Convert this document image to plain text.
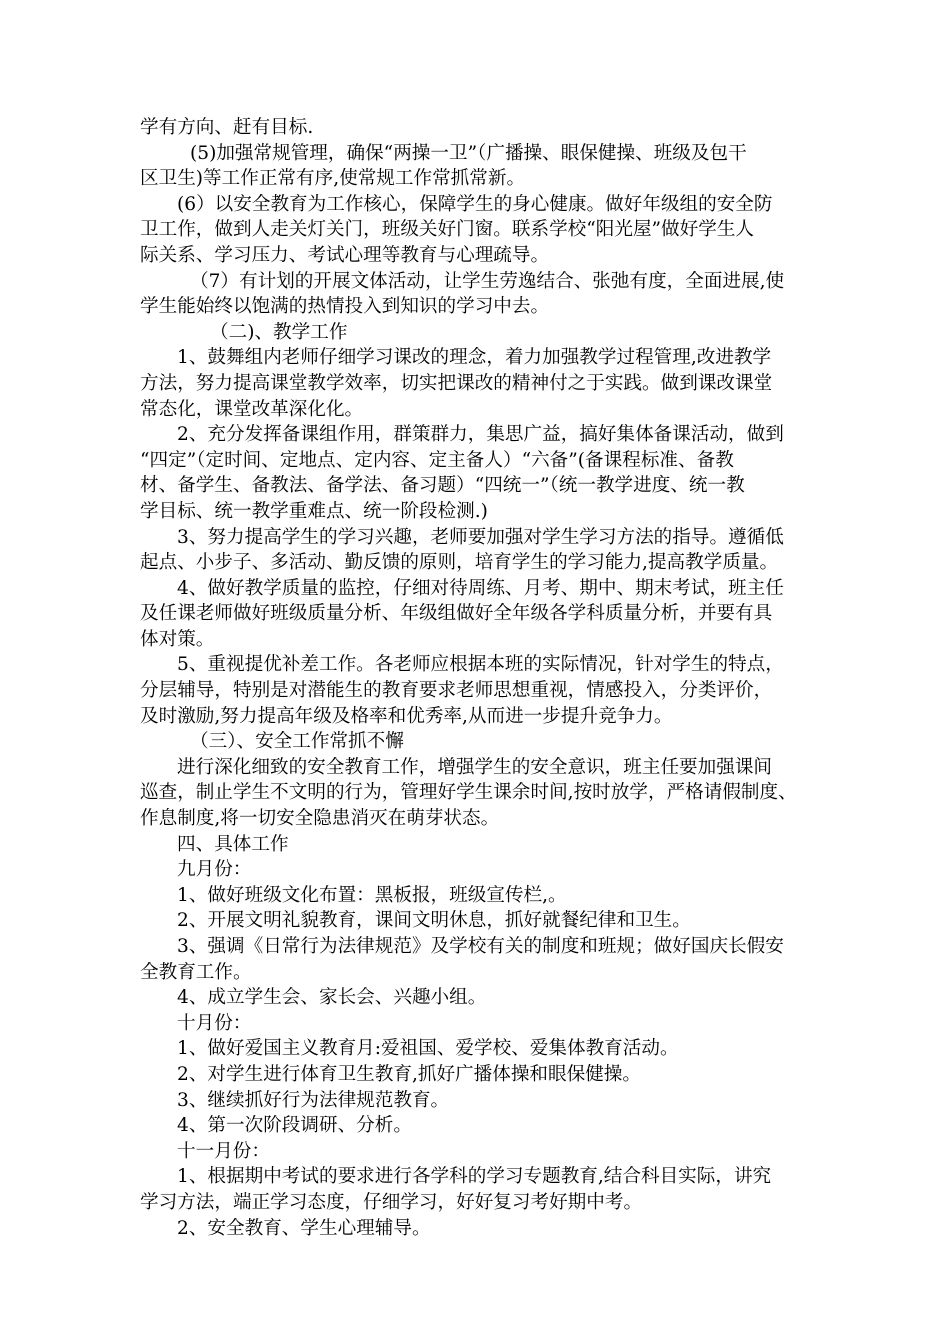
学有方向、赶有目标.
(5)加强常规管理，确保“两操一卫”（广播操、眼保健操、班级及包干
区卫生)等工作正常有序,使常规工作常抓常新。
(6）以安全教育为工作核心，保障学生的身心健康。做好年级组的安全防
卫工作，做到人走关灯关门，班级关好门窗。联系学校“阳光屋”做好学生人
际关系、学习压力、考试心理等教育与心理疏导。
（7）有计划的开展文体活动，让学生劳逸结合、张弛有度，全面进展,使
学生能始终以饱满的热情投入到知识的学习中去。
（二)、教学工作
1、鼓舞组内老师仔细学习课改的理念，着力加强教学过程管理,改进教学
方法，努力提高课堂教学效率，切实把课改的精神付之于实践。做到课改课堂
常态化，课堂改革深化化。
2、充分发挥备课组作用，群策群力，集思广益，搞好集体备课活动，做到
“四定”（定时间、定地点、定内容、定主备人）“六备”(备课程标准、备教
材、备学生、备教法、备学法、备习题）“四统一”（统一教学进度、统一教
学目标、统一教学重难点、统一阶段检测.)
3、努力提高学生的学习兴趣，老师要加强对学生学习方法的指导。遵循低
起点、小步子、多活动、勤反馈的原则，培育学生的学习能力,提高教学质量。
4、做好教学质量的监控，仔细对待周练、月考、期中、期末考试，班主任
及任课老师做好班级质量分析、年级组做好全年级各学科质量分析，并要有具
体对策。
5、重视提优补差工作。各老师应根据本班的实际情况，针对学生的特点，
分层辅导，特别是对潜能生的教育要求老师思想重视，情感投入，分类评价，
及时激励,努力提高年级及格率和优秀率,从而进一步提升竞争力。
（三）、安全工作常抓不懈
进行深化细致的安全教育工作，增强学生的安全意识，班主任要加强课间
巡查，制止学生不文明的行为，管理好学生课余时间,按时放学，严格请假制度、
作息制度,将一切安全隐患消灭在萌芽状态。
四、具体工作
九月份：
1、做好班级文化布置：黑板报，班级宣传栏,。
2、开展文明礼貌教育，课间文明休息，抓好就餐纪律和卫生。
3、强调《日常行为法律规范》及学校有关的制度和班规；做好国庆长假安
全教育工作。
4、成立学生会、家长会、兴趣小组。
十月份：
1、做好爱国主义教育月:爱祖国、爱学校、爱集体教育活动。
2、对学生进行体育卫生教育,抓好广播体操和眼保健操。
3、继续抓好行为法律规范教育。
4、第一次阶段调研、分析。
十一月份：
1、根据期中考试的要求进行各学科的学习专题教育,结合科目实际，讲究
学习方法，端正学习态度，仔细学习，好好复习考好期中考。
2、安全教育、学生心理辅导。
